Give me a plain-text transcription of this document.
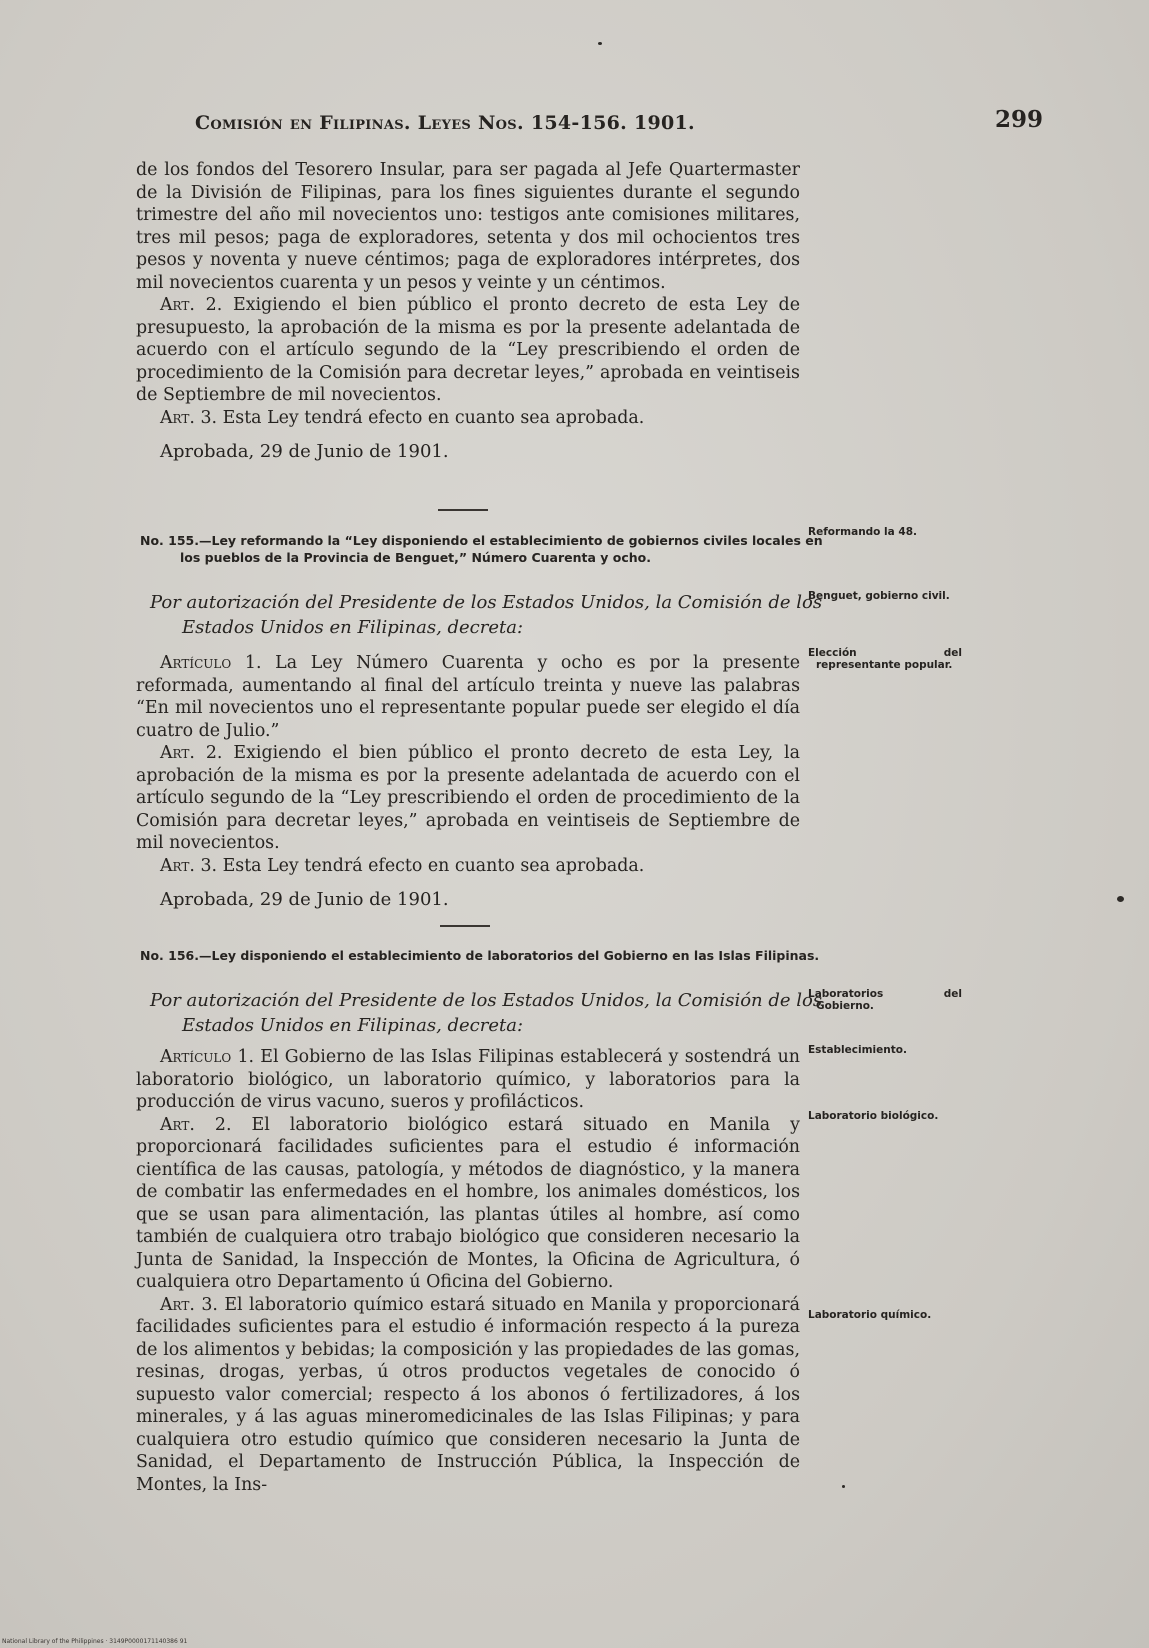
Comisión en Filipinas. Leyes Nos. 154-156. 1901.	299

de los fondos del Tesorero Insular, para ser pagada al Jefe Quartermaster de la División de Filipinas, para los fines siguientes durante el segundo trimestre del año mil novecientos uno: testigos ante comisiones militares, tres mil pesos; paga de exploradores, setenta y dos mil ochocientos tres pesos y noventa y nueve céntimos; paga de exploradores intérpretes, dos mil novecientos cuarenta y un pesos y veinte y un céntimos.

Art. 2. Exigiendo el bien público el pronto decreto de esta Ley de presupuesto, la aprobación de la misma es por la presente adelantada de acuerdo con el artículo segundo de la “Ley prescribiendo el orden de procedimiento de la Comisión para decretar leyes,” aprobada en veintiseis de Septiembre de mil novecientos.

Art. 3. Esta Ley tendrá efecto en cuanto sea aprobada.

Aprobada, 29 de Junio de 1901.

No. 155.—Ley reformando la “Ley disponiendo el establecimiento de gobiernos civiles locales en los pueblos de la Provincia de Benguet,” Número Cuarenta y ocho.
Por autorización del Presidente de los Estados Unidos, la Comisión de los Estados Unidos en Filipinas, decreta:

Artículo 1. La Ley Número Cuarenta y ocho es por la presente reformada, aumentando al final del artículo treinta y nueve las palabras “En mil novecientos uno el representante popular puede ser elegido el día cuatro de Julio.”

Art. 2. Exigiendo el bien público el pronto decreto de esta Ley, la aprobación de la misma es por la presente adelantada de acuerdo con el artículo segundo de la “Ley prescribiendo el orden de procedimiento de la Comisión para decretar leyes,” aprobada en veintiseis de Septiembre de mil novecientos.

Art. 3. Esta Ley tendrá efecto en cuanto sea aprobada.

Aprobada, 29 de Junio de 1901.

Reformando la 48.
Benguet, gobierno civil.
Elección del representante popular.
No. 156.—Ley disponiendo el establecimiento de laboratorios del Gobierno en las Islas Filipinas.
Por autorización del Presidente de los Estados Unidos, la Comisión de los Estados Unidos en Filipinas, decreta:

Artículo 1. El Gobierno de las Islas Filipinas establecerá y sostendrá un laboratorio biológico, un laboratorio químico, y laboratorios para la producción de virus vacuno, sueros y profilácticos.

Art. 2. El laboratorio biológico estará situado en Manila y proporcionará facilidades suficientes para el estudio é información científica de las causas, patología, y métodos de diagnóstico, y la manera de combatir las enfermedades en el hombre, los animales domésticos, los que se usan para alimentación, las plantas útiles al hombre, así como también de cualquiera otro trabajo biológico que consideren necesario la Junta de Sanidad, la Inspección de Montes, la Oficina de Agricultura, ó cualquiera otro Departamento ú Oficina del Gobierno.

Art. 3. El laboratorio químico estará situado en Manila y proporcionará facilidades suficientes para el estudio é información respecto á la pureza de los alimentos y bebidas; la composición y las propiedades de las gomas, resinas, drogas, yerbas, ú otros productos vegetales de conocido ó supuesto valor comercial; respecto á los abonos ó fertilizadores, á los minerales, y á las aguas mineromedicinales de las Islas Filipinas; y para cualquiera otro estudio químico que consideren necesario la Junta de Sanidad, el Departamento de Instrucción Pública, la Inspección de Montes, la Ins-

Laboratorios del Gobierno.
Establecimiento.
Laboratorio biológico.
Laboratorio químico.
National Library of the Philippines · 3149P0000171140386 91
